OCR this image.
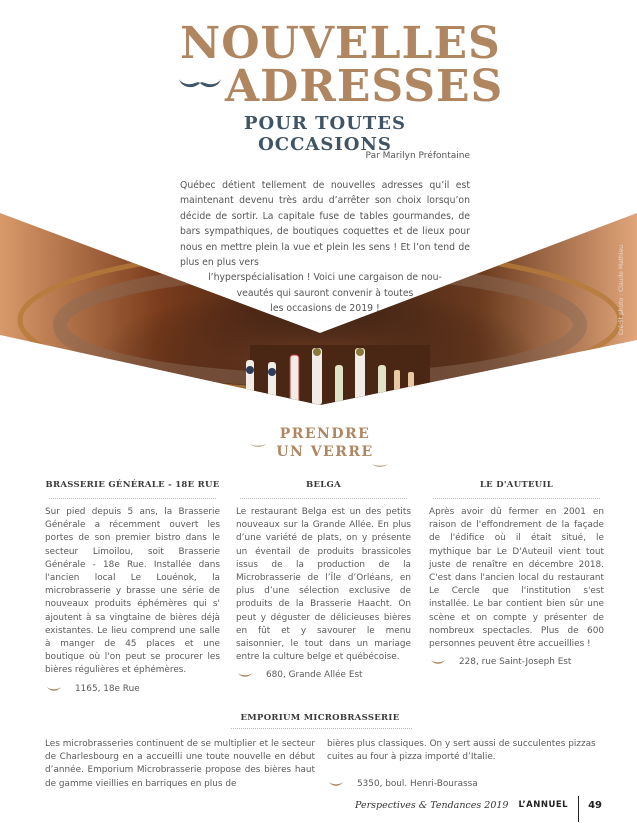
NOUVELLES
ADRESSES
POUR TOUTES OCCASIONS
Par Marilyn Préfontaine
Crédit photo : Claude Mathieu
Québec détient tellement de nouvelles adresses qu’il est maintenant devenu très ardu d’arrêter son choix lorsqu’on décide de sortir. La capitale fuse de tables gourmandes, de bars sympathiques, de boutiques coquettes et de lieux pour nous en mettre plein la vue et plein les sens ! Et l’on tend de plus en plus vers
l’hyperspécialisation ! Voici une cargaison de nou-
veautés qui sauront convenir à toutes
les occasions de 2019 !
PRENDRE
UN VERRE
BRASSERIE GÉNÉRALE - 18E RUE
Sur pied depuis 5 ans, la Brasserie Générale a récemment ouvert les portes de son premier bistro dans le secteur Limoilou, soit Brasserie Générale - 18e Rue. Installée dans l'ancien local Le Louénok, la microbrasserie y brasse une série de nouveaux produits éphémères qui s' ajoutent à sa vingtaine de bières déjà existantes. Le lieu comprend une salle à manger de 45 places et une boutique où l'on peut se procurer les bières régulières et éphémères.
1165, 18e Rue
BELGA
Le restaurant Belga est un des petits nouveaux sur la Grande Allée. En plus d’une variété de plats, on y présente un éventail de produits brassicoles issus de la production de la Microbrasserie de l’Île d’Orléans, en plus d’une sélection exclusive de produits de la Brasserie Haacht. On peut y déguster de délicieuses bières en fût et y savourer le menu saisonnier, le tout dans un mariage entre la culture belge et québécoise.
680, Grande Allée Est
LE D'AUTEUIL
Après avoir dû fermer en 2001 en raison de l'effondrement de la façade de l'édifice où il était situé, le mythique bar Le D'Auteuil vient tout juste de renaître en décembre 2018. C'est dans l'ancien local du restaurant Le Cercle que l'institution s'est installée. Le bar contient bien sûr une scène et on compte y présenter de nombreux spectacles. Plus de 600 personnes peuvent être accueillies !
228, rue Saint-Joseph Est
EMPORIUM MICROBRASSERIE
Les microbrasseries continuent de se multiplier et le secteur de Charlesbourg en a accueilli une toute nouvelle en début d’année. Emporium Microbrasserie propose des bières haut de gamme vieillies en barriques en plus de
bières plus classiques. On y sert aussi de succulentes pizzas cuites au four à pizza importé d’Italie.
5350, boul. Henri-Bourassa
Perspectives & Tendances 2019 L’ANNUEL 49
